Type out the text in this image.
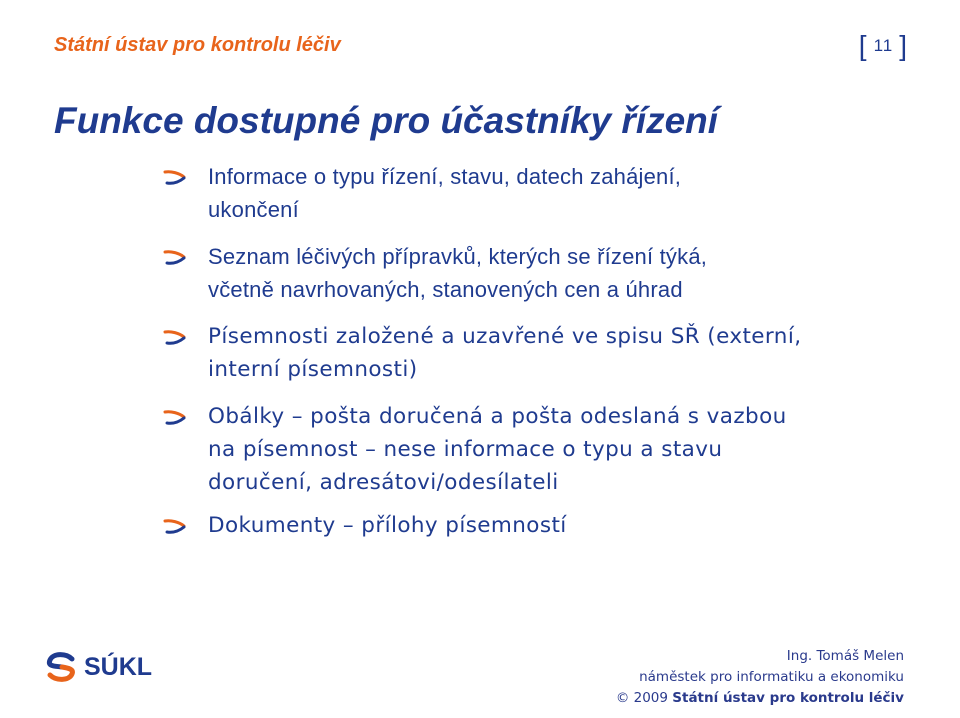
Státní ústav pro kontrolu léčiv	[ 11 ]
Funkce dostupné pro účastníky řízení
Informace o typu řízení, stavu, datech zahájení,
ukončení
Seznam léčivých přípravků, kterých se řízení týká,
včetně navrhovaných, stanovených cen a úhrad
Písemnosti založené a uzavřené ve spisu SŘ (externí,
interní písemnosti)
Obálky – pošta doručená a pošta odeslaná s vazbou
na písemnost – nese informace o typu a stavu
doručení, adresátovi/odesílateli
Dokumenty – přílohy písemností
SÚKL	Ing. Tomáš Melen
náměstek pro informatiku a ekonomiku
© 2009 Státní ústav pro kontrolu léčiv
